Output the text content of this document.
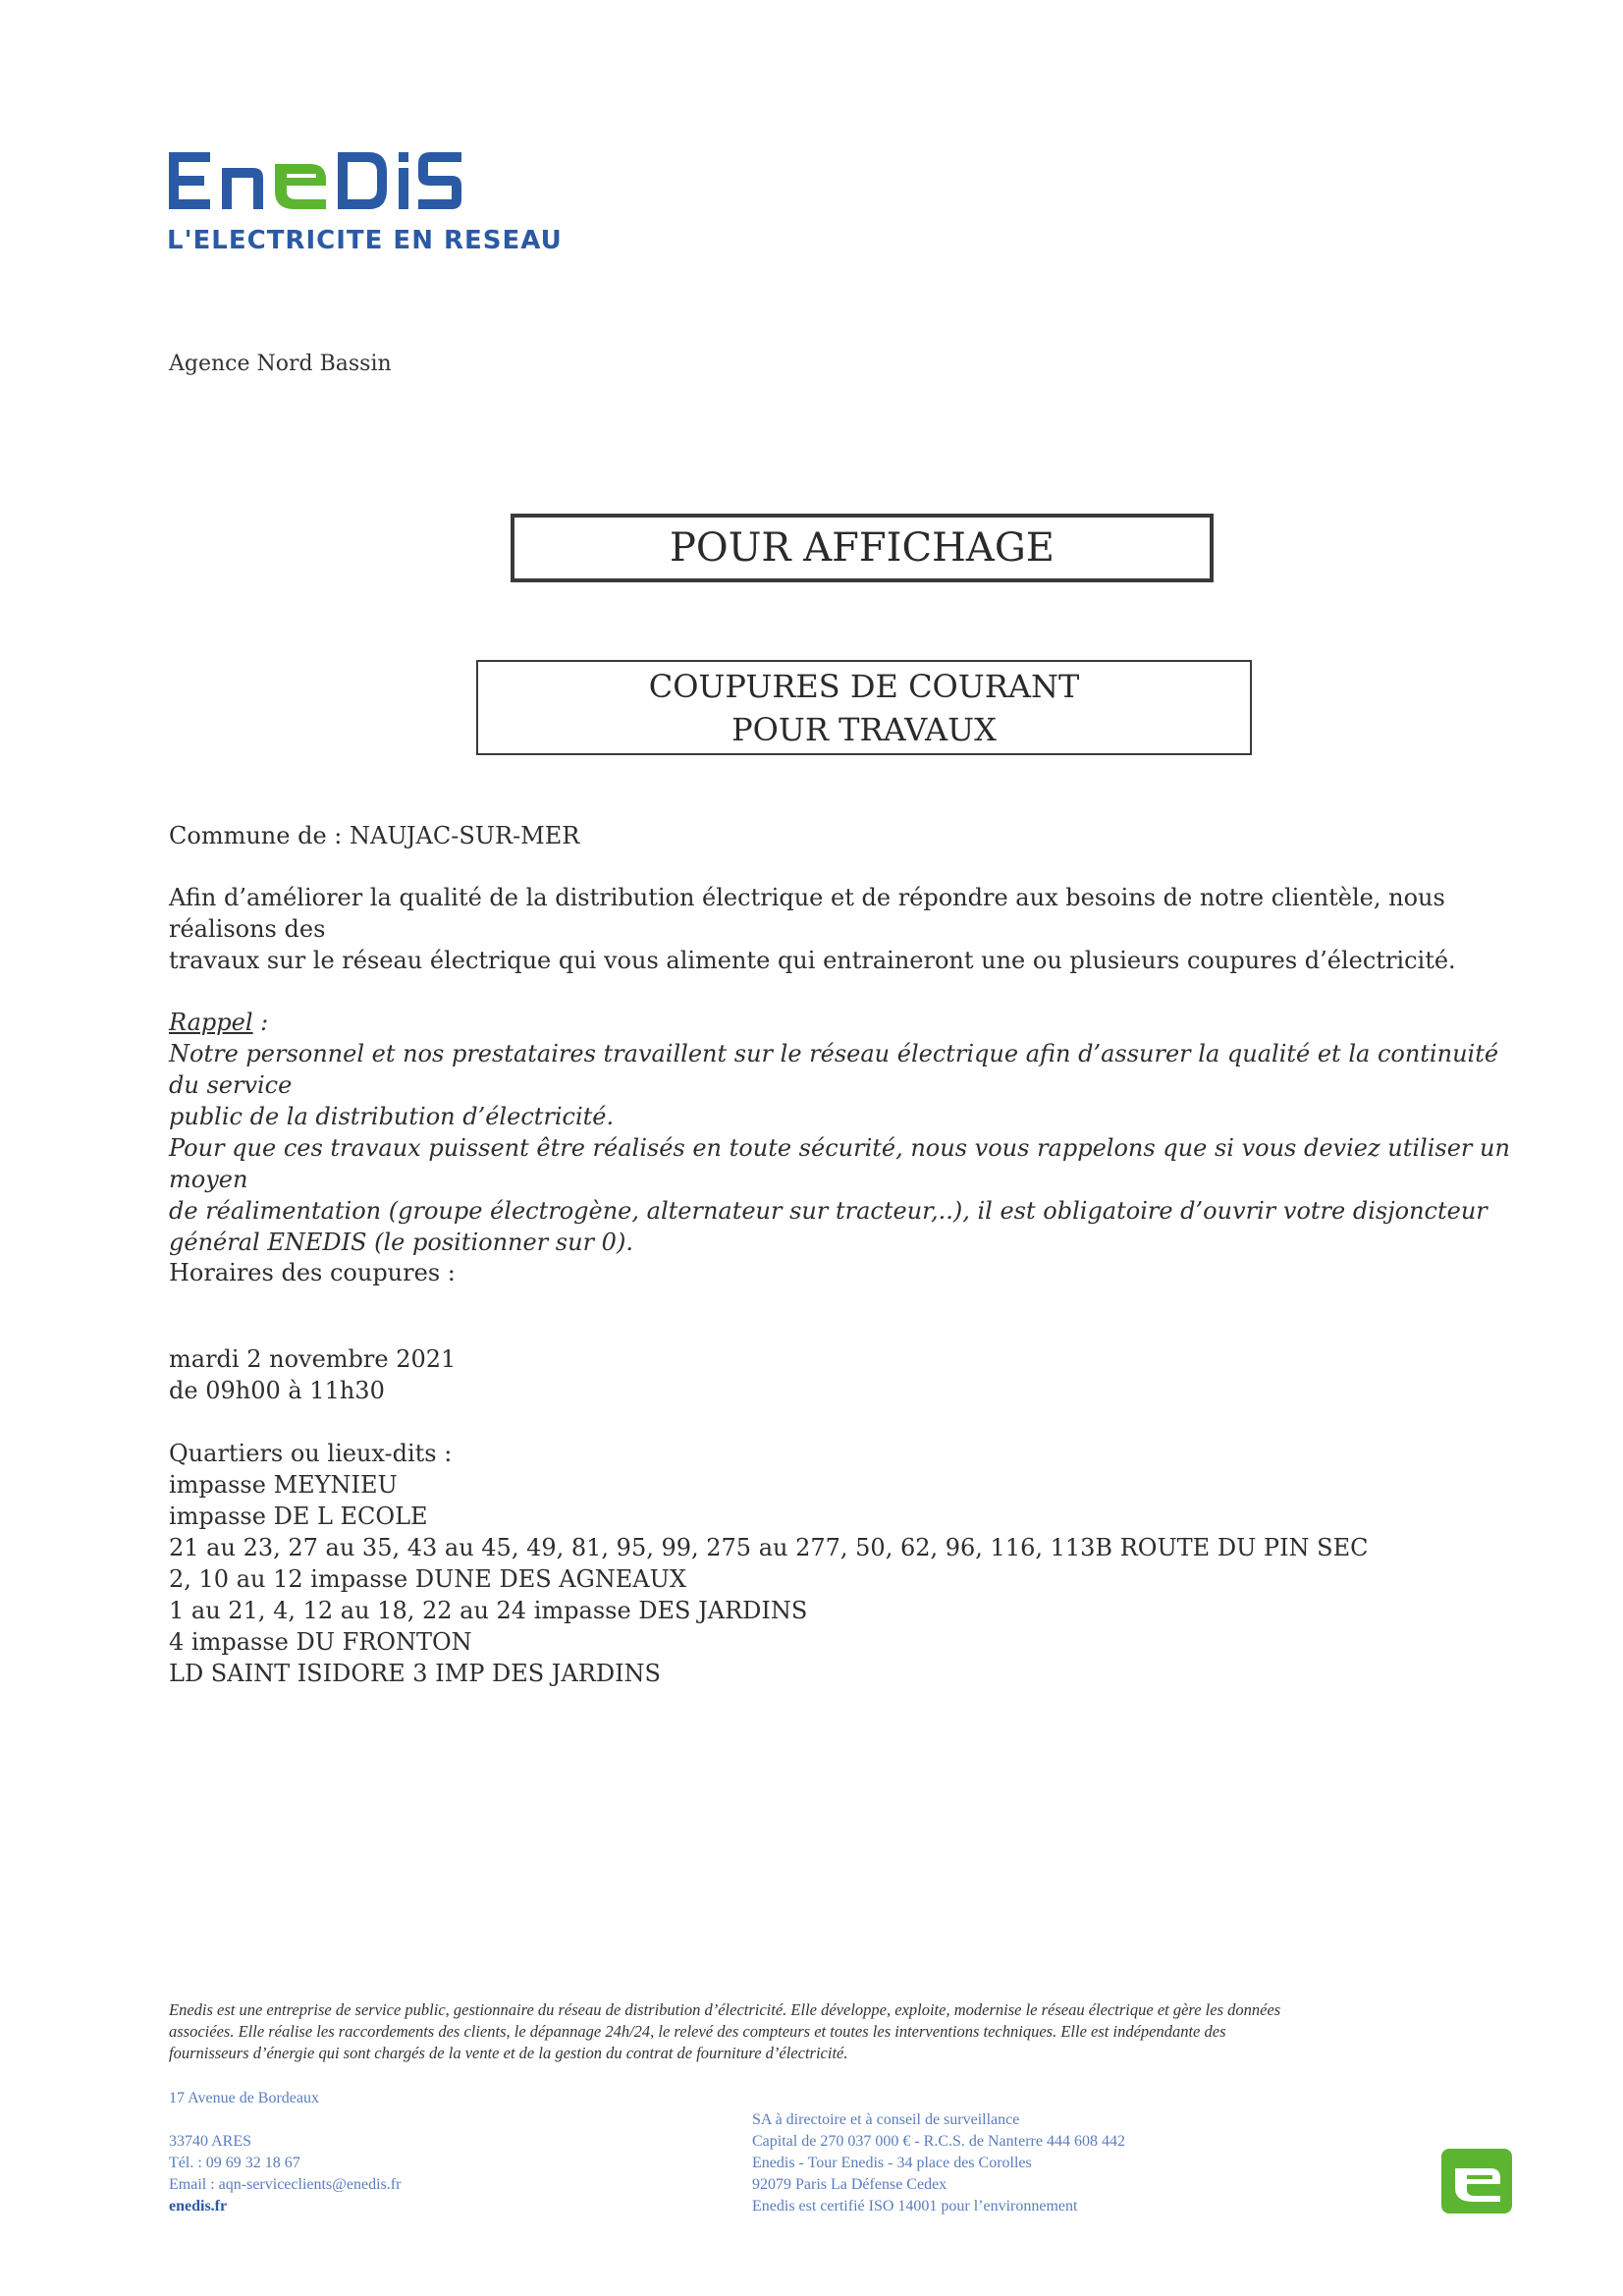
L'ELECTRICITE EN RESEAU
Agence Nord Bassin
POUR AFFICHAGE
COUPURES DE COURANT
POUR TRAVAUX
Commune de : NAUJAC-SUR-MER
Afin d’améliorer la qualité de la distribution électrique et de répondre aux besoins de notre clientèle, nous réalisons des
travaux sur le réseau électrique qui vous alimente qui entraineront une ou plusieurs coupures d’électricité.
Rappel :
Notre personnel et nos prestataires travaillent sur le réseau électrique afin d’assurer la qualité et la continuité du service
public de la distribution d’électricité.
Pour que ces travaux puissent être réalisés en toute sécurité, nous vous rappelons que si vous deviez utiliser un moyen
de réalimentation (groupe électrogène, alternateur sur tracteur,..), il est obligatoire d’ouvrir votre disjoncteur
général ENEDIS (le positionner sur 0).
Horaires des coupures :
mardi 2 novembre 2021
de 09h00 à 11h30
Quartiers ou lieux-dits :
impasse MEYNIEU
impasse DE L ECOLE
21 au 23, 27 au 35, 43 au 45, 49, 81, 95, 99, 275 au 277, 50, 62, 96, 116, 113B ROUTE DU PIN SEC
2, 10 au 12 impasse DUNE DES AGNEAUX
1 au 21, 4, 12 au 18, 22 au 24 impasse DES JARDINS
4 impasse DU FRONTON
LD SAINT ISIDORE 3 IMP DES JARDINS
Enedis est une entreprise de service public, gestionnaire du réseau de distribution d’électricité. Elle développe, exploite, modernise le réseau électrique et gère les données
associées. Elle réalise les raccordements des clients, le dépannage 24h/24, le relevé des compteurs et toutes les interventions techniques. Elle est indépendante des
fournisseurs d’énergie qui sont chargés de la vente et de la gestion du contrat de fourniture d’électricité.
17 Avenue de Bordeaux
33740 ARES
Tél. : 09 69 32 18 67
Email : aqn-serviceclients@enedis.fr
enedis.fr
SA à directoire et à conseil de surveillance
Capital de 270 037 000 € - R.C.S. de Nanterre 444 608 442
Enedis - Tour Enedis - 34 place des Corolles
92079 Paris La Défense Cedex
Enedis est certifié ISO 14001 pour l’environnement
